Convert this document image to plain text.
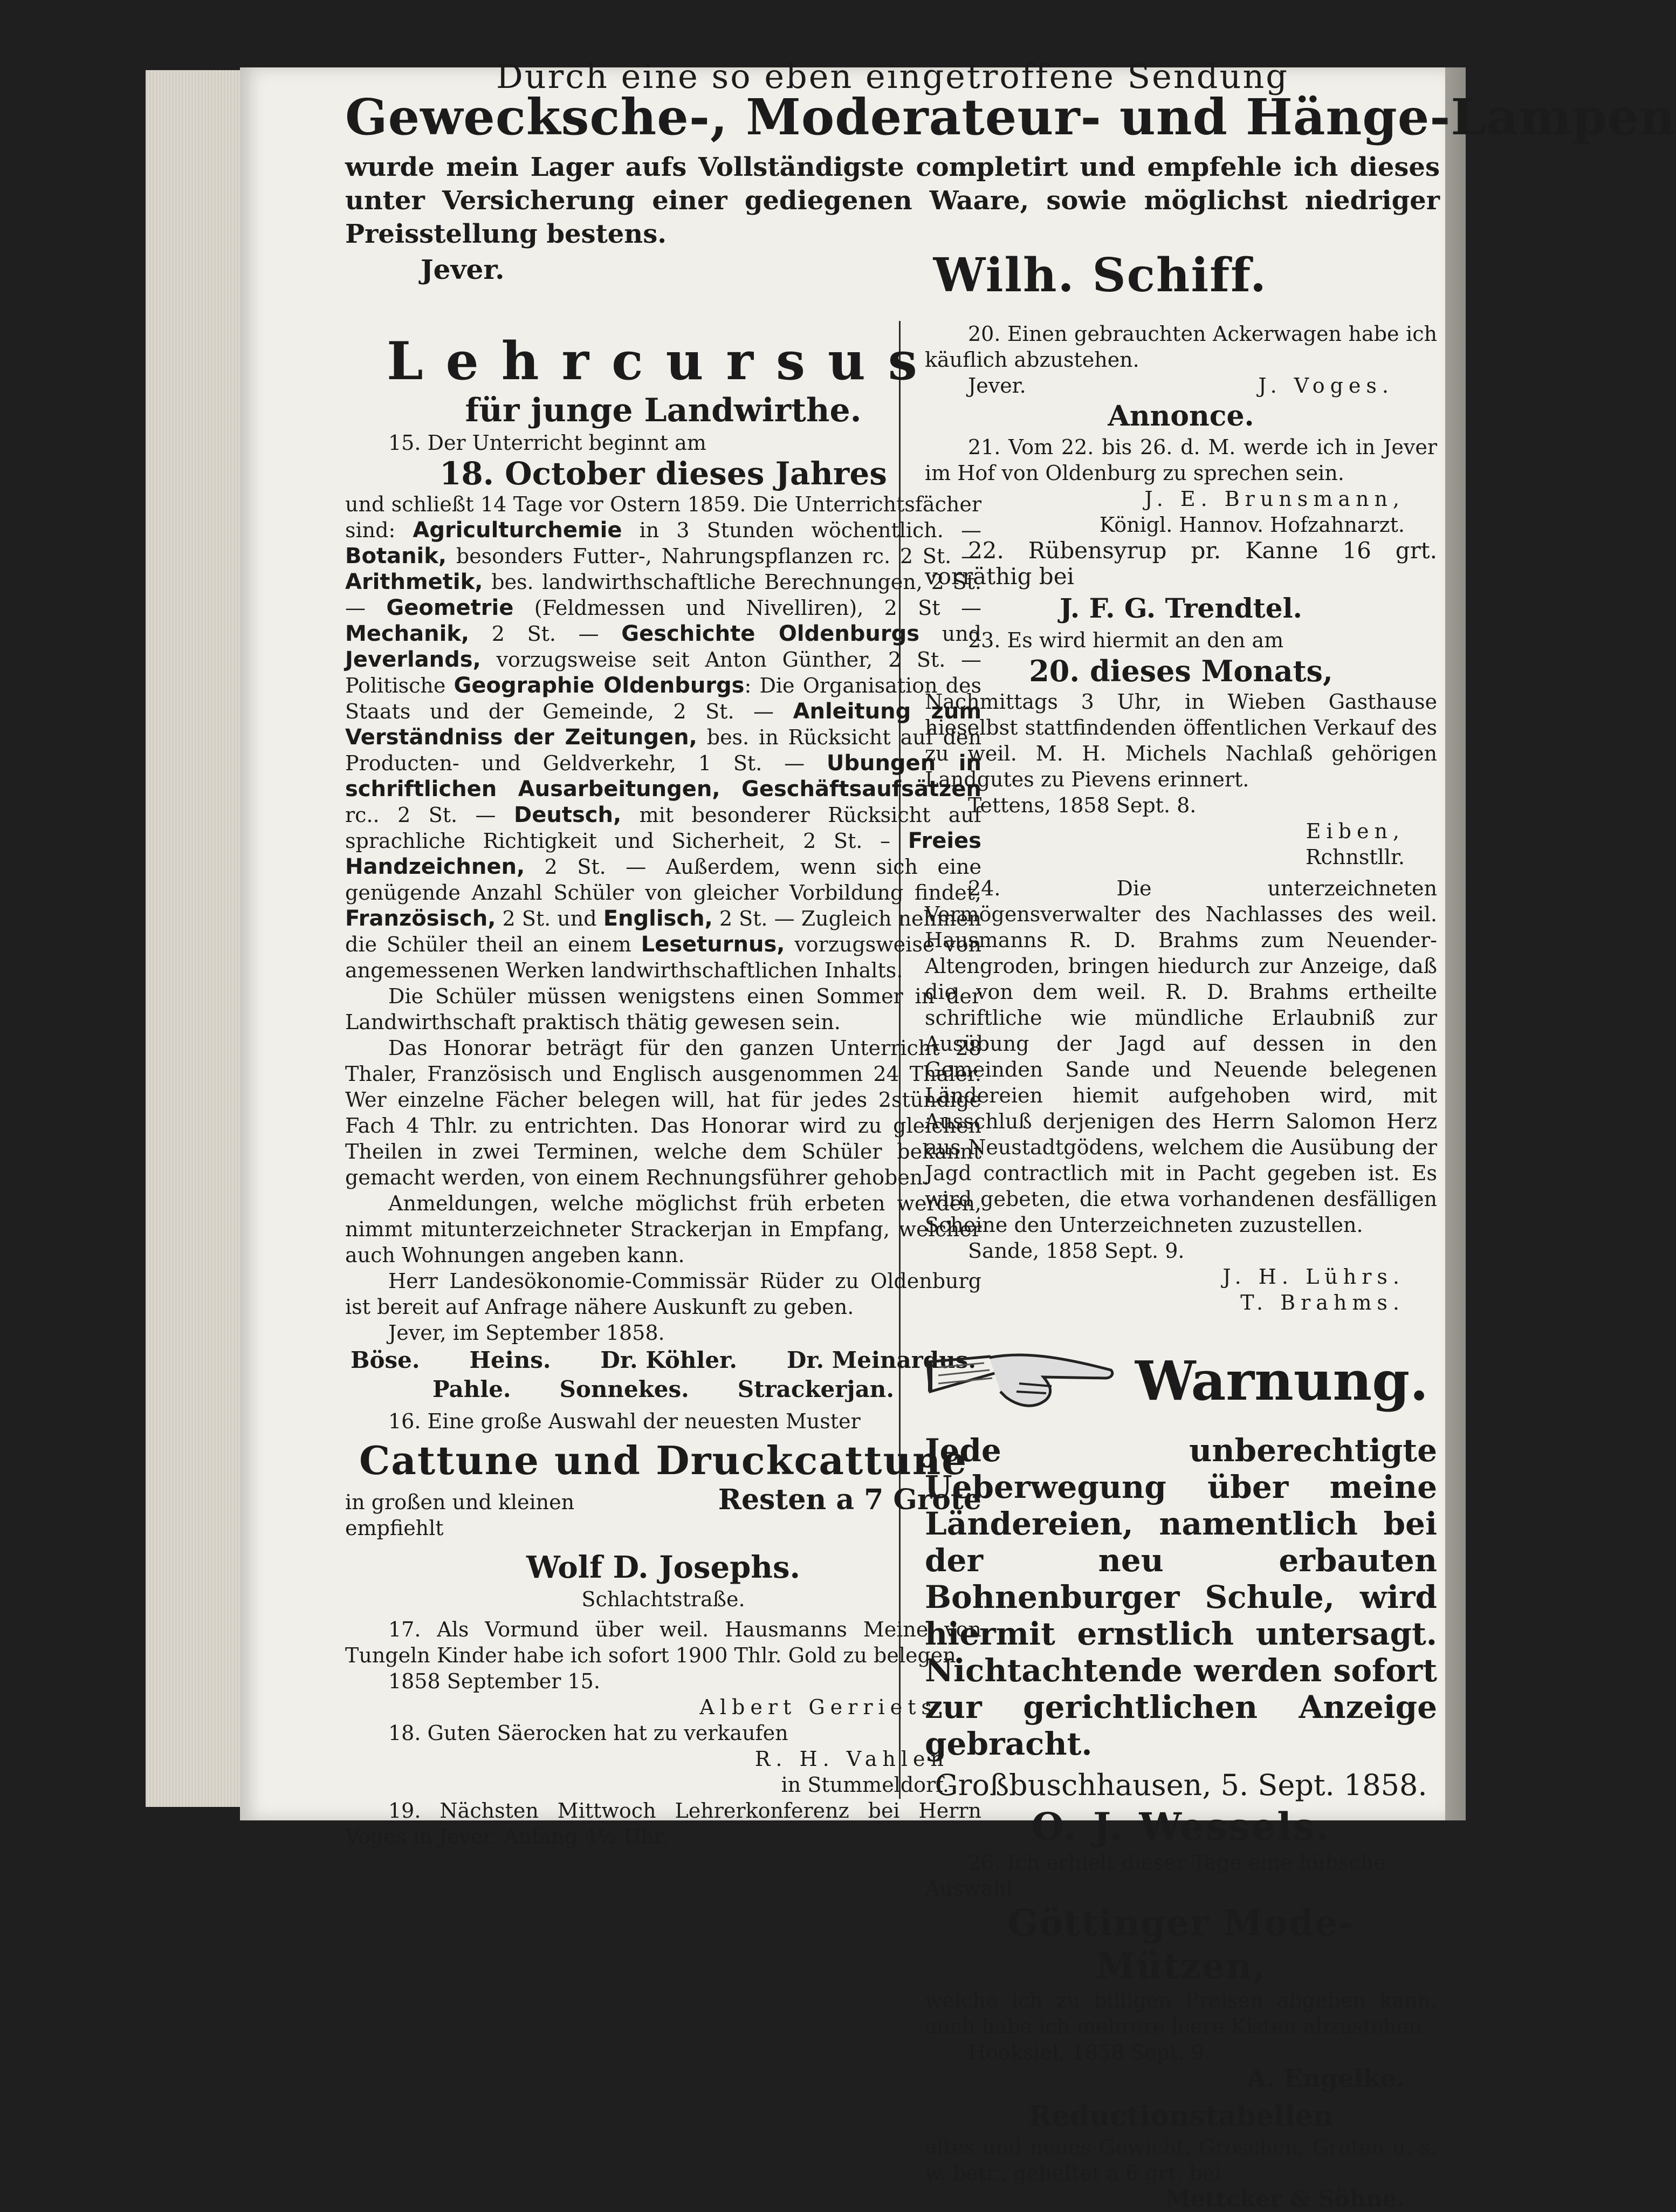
Durch eine so eben eingetroffene Sendung
Gewecksche-, Moderateur- und Hänge-Lampen
wurde mein Lager aufs Vollständigste completirt und empfehle ich dieses unter Versicherung einer gediegenen Waare, sowie möglichst niedriger Preisstellung bestens.
Jever.	Wilh. Schiff.
Lehrcursus
für junge Landwirthe.
15. Der Unterricht beginnt am
18. October dieses Jahres

und schließt 14 Tage vor Ostern 1859. Die Unterrichtsfächer sind: Agriculturchemie in 3 Stunden wöchentlich. — Botanik, besonders Futter-, Nahrungspflanzen rc. 2 St. — Arithmetik, bes. landwirthschaftliche Berechnungen, 2 St. — Geometrie (Feldmessen und Nivelliren), 2 St — Mechanik, 2 St. — Geschichte Oldenburgs und Jeverlands, vorzugsweise seit Anton Günther, 2 St. — Politische Geographie Oldenburgs: Die Organisation des Staats und der Gemeinde, 2 St. — Anleitung zum Verständniss der Zeitungen, bes. in Rücksicht auf den Producten- und Geldverkehr, 1 St. — Ubungen in schriftlichen Ausarbeitungen, Geschäftsaufsätzen rc.. 2 St. — Deutsch, mit besonderer Rücksicht auf sprachliche Richtigkeit und Sicherheit, 2 St. – Freies Handzeichnen, 2 St. — Außerdem, wenn sich eine genügende Anzahl Schüler von gleicher Vorbildung findet, Französisch, 2 St. und Englisch, 2 St. — Zugleich nehmen die Schüler theil an einem Leseturnus, vorzugsweise von angemessenen Werken landwirthschaftlichen Inhalts.

Die Schüler müssen wenigstens einen Sommer in der Landwirthschaft praktisch thätig gewesen sein.

Das Honorar beträgt für den ganzen Unterricht 28 Thaler, Französisch und Englisch ausgenommen 24 Thaler. Wer einzelne Fächer belegen will, hat für jedes 2stündige Fach 4 Thlr. zu entrichten. Das Honorar wird zu gleichen Theilen in zwei Terminen, welche dem Schüler bekannt gemacht werden, von einem Rechnungsführer gehoben.

Anmeldungen, welche möglichst früh erbeten werden, nimmt mitunterzeichneter Strackerjan in Empfang, welcher auch Wohnungen angeben kann.

Herr Landesökonomie-Commissär Rüder zu Oldenburg ist bereit auf Anfrage nähere Auskunft zu geben.

Jever, im September 1858.
Böse. Heins. Dr. Köhler. Dr. Meinardus.
Pahle. Sonnekes. Strackerjan.
16. Eine große Auswahl der neuesten Muster
Cattune und Druckcattune
in großen und kleinen	Resten a 7 Grote
empfiehlt
Wolf D. Josephs.
Schlachtstraße.

17. Als Vormund über weil. Hausmanns Meine von Tungeln Kinder habe ich sofort 1900 Thlr. Gold zu belegen.

1858 September 15.
Albert Gerriets.
18. Guten Säerocken hat zu verkaufen
R. H. Vahlen
in Stummeldorf.

19. Nächsten Mittwoch Lehrerkonferenz bei Herrn Voges in Jever. Anfang 4½ Uhr.

20. Einen gebrauchten Ackerwagen habe ich käuflich abzustehen.

Jever.	J. Voges.
Annonce.

21. Vom 22. bis 26. d. M. werde ich in Jever im Hof von Oldenburg zu sprechen sein.

J. E. Brunsmann,
Königl. Hannov. Hofzahnarzt.

22. Rübensyrup pr. Kanne 16 grt. vorräthig bei

J. F. G. Trendtel.
23. Es wird hiermit an den am
20. dieses Monats,

Nachmittags 3 Uhr, in Wieben Gasthause hieselbst stattfindenden öffentlichen Verkauf des zu weil. M. H. Michels Nachlaß gehörigen Landgutes zu Pievens erinnert.

Tettens, 1858 Sept. 8.
Eiben,
Rchnstllr.

24. Die unterzeichneten Vermögensverwalter des Nachlasses des weil. Hausmanns R. D. Brahms zum Neuender-Altengroden, bringen hiedurch zur Anzeige, daß die von dem weil. R. D. Brahms ertheilte schriftliche wie mündliche Erlaubniß zur Ausübung der Jagd auf dessen in den Gemeinden Sande und Neuende belegenen Ländereien hiemit aufgehoben wird, mit Ausschluß derjenigen des Herrn Salomon Herz aus Neustadtgödens, welchem die Ausübung der Jagd contractlich mit in Pacht gegeben ist. Es wird gebeten, die etwa vorhandenen desfälligen Scheine den Unterzeichneten zuzustellen.

Sande, 1858 Sept. 9.
J. H. Lührs.
T. Brahms.
Warnung.
Jede unberechtigte Ueberwegung über meine Ländereien, namentlich bei der neu erbauten Bohnenburger Schule, wird hiermit ernstlich untersagt. Nichtachtende werden sofort zur gerichtlichen Anzeige gebracht.
Großbuschhausen, 5. Sept. 1858.
O. J. Wessels.
26. Ich erhielt dieser Tage eine hübsche Auswahl
Göttinger Mode-Mützen,

welche ich zu billigen Preisen abgeben kann, auch habe ich mehrere leere Kisten abzustehen.

Hooksiel, 1858 Sept. 9.
A. Engelke.
Reductionstabellen

altes und neues Gewicht, Groschen, Groten u. s. w. betr., geheftet a 6 grt. bei

Mettcker & Söhne.
